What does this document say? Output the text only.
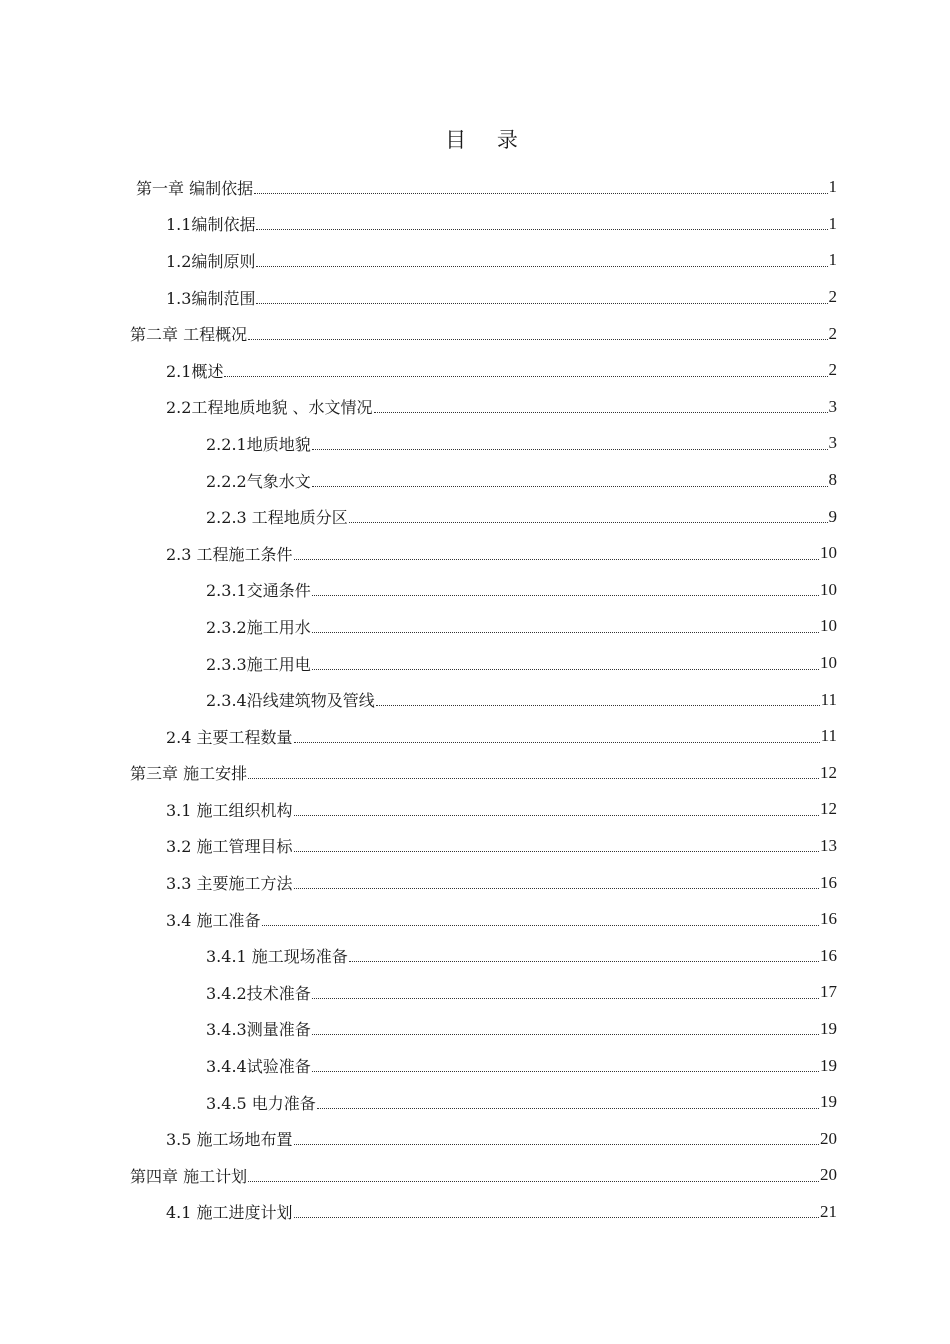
目 录
第一章 编制依据	1
1.1编制依据	1
1.2编制原则	1
1.3编制范围	2
第二章 工程概况	2
2.1概述	2
2.2工程地质地貌 、水文情况	3
2.2.1地质地貌	3
2.2.2气象水文	8
2.2.3 工程地质分区	9
2.3 工程施工条件	10
2.3.1交通条件	10
2.3.2施工用水	10
2.3.3施工用电	10
2.3.4沿线建筑物及管线	11
2.4 主要工程数量	11
第三章 施工安排	12
3.1 施工组织机构	12
3.2 施工管理目标	13
3.3 主要施工方法	16
3.4 施工准备	16
3.4.1 施工现场准备	16
3.4.2技术准备	17
3.4.3测量准备	19
3.4.4试验准备	19
3.4.5 电力准备	19
3.5 施工场地布置	20
第四章 施工计划	20
4.1 施工进度计划	21
